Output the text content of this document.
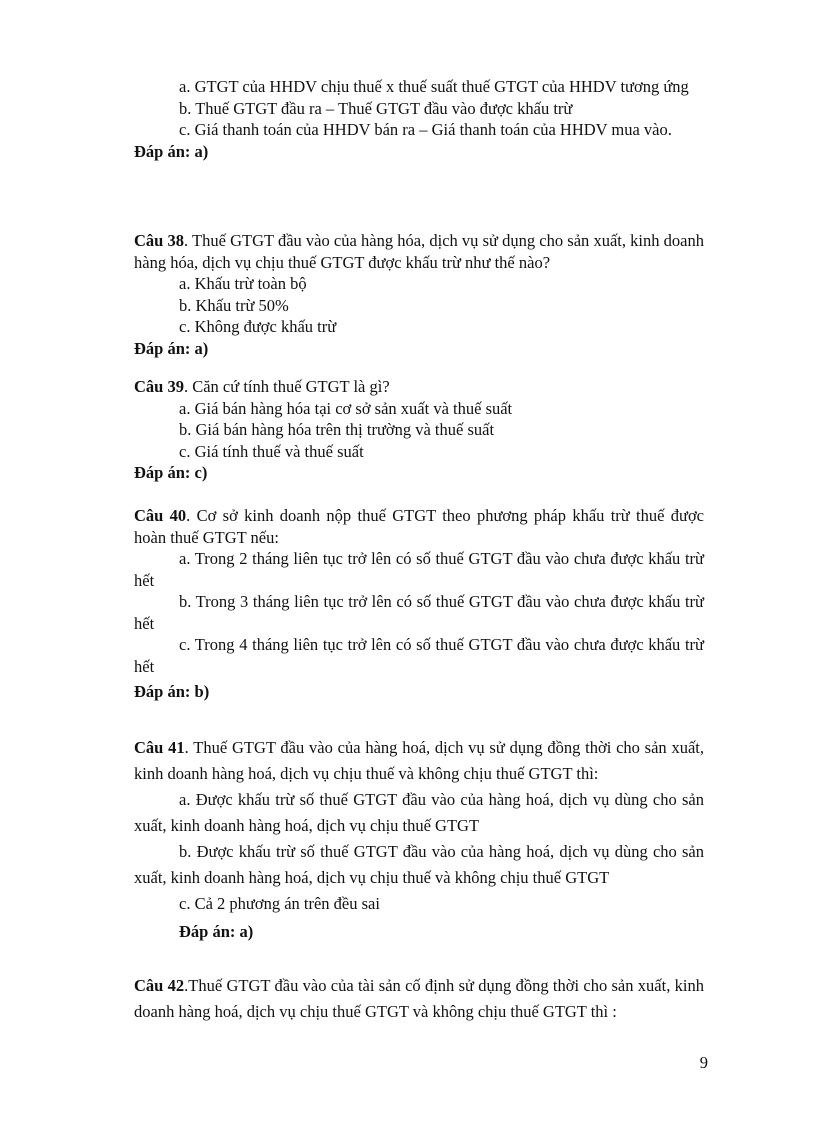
a. GTGT của HHDV chịu thuế x thuế suất thuế GTGT của HHDV tương ứng

b. Thuế GTGT đầu ra – Thuế GTGT đầu vào được khấu trừ

c. Giá thanh toán của HHDV bán ra – Giá thanh toán của HHDV mua vào.

Đáp án: a)

Câu 38. Thuế GTGT đầu vào của hàng hóa, dịch vụ sử dụng cho sản xuất, kinh doanh hàng hóa, dịch vụ chịu thuế GTGT được khấu trừ như thế nào?

a. Khấu trừ toàn bộ

b. Khấu trừ 50%

c. Không được khấu trừ

Đáp án: a)

Câu 39. Căn cứ tính thuế GTGT là gì?

a. Giá bán hàng hóa tại cơ sở sản xuất và thuế suất

b. Giá bán hàng hóa trên thị trường và thuế suất

c. Giá tính thuế và thuế suất

Đáp án: c)

Câu 40. Cơ sở kinh doanh nộp thuế GTGT theo phương pháp khấu trừ thuế được hoàn thuế GTGT nếu:

a. Trong 2 tháng liên tục trở lên có số thuế GTGT đầu vào chưa được khấu trừ hết

b. Trong 3 tháng liên tục trở lên có số thuế GTGT đầu vào chưa được khấu trừ hết

c. Trong 4 tháng liên tục trở lên có số thuế GTGT đầu vào chưa được khấu trừ hết

Đáp án: b)

Câu 41. Thuế GTGT đầu vào của hàng hoá, dịch vụ sử dụng đồng thời cho sản xuất, kinh doanh hàng hoá, dịch vụ chịu thuế và không chịu thuế GTGT thì:

a. Được khấu trừ số thuế GTGT đầu vào của hàng hoá, dịch vụ dùng cho sản xuất, kinh doanh hàng hoá, dịch vụ chịu thuế GTGT

b. Được khấu trừ số thuế GTGT đầu vào của hàng hoá, dịch vụ dùng cho sản xuất, kinh doanh hàng hoá, dịch vụ chịu thuế và không chịu thuế GTGT

c. Cả 2 phương án trên đều sai

Đáp án: a)

Câu 42.Thuế GTGT đầu vào của tài sản cố định sử dụng đồng thời cho sản xuất, kinh doanh hàng hoá, dịch vụ chịu thuế GTGT và không chịu thuế GTGT thì :

9
